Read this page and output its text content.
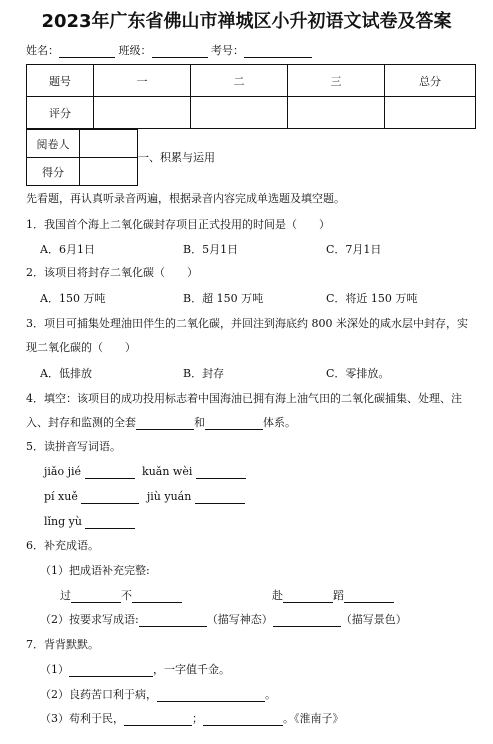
2023年广东省佛山市禅城区小升初语文试卷及答案
姓名：	班级：	考号：
题号	一	二	三	总分
评分				
阅卷人	
得分	
一、积累与运用
先看题，再认真听录音两遍，根据录音内容完成单选题及填空题。
1．我国首个海上二氧化碳封存项目正式投用的时间是（　　）
A．6月1日	B．5月1日	C．7月1日
2．该项目将封存二氧化碳（　　）
A．150 万吨	B．超 150 万吨	C．将近 150 万吨
3．项目可捕集处理油田伴生的二氧化碳，并回注到海底约 800 米深处的咸水层中封存，实
现二氧化碳的（　　）
A．低排放	B．封存	C．零排放。
4．填空：该项目的成功投用标志着中国海油已拥有海上油气田的二氧化碳捕集、处理、注
入、封存和监测的全套	和	体系。
5．读拼音写词语。
jiǎo jié	kuǎn wèi
pí xuě	jiù yuán
lǐng yù
6．补充成语。
（1）把成语补充完整:
过	不	赴	蹈
（2）按要求写成语:	（描写神态）	（描写景色）
7．背背默默。
（1）	，一字值千金。
（2）良药苦口利于病，	。
（3）苟利于民，	；	。《淮南子》
